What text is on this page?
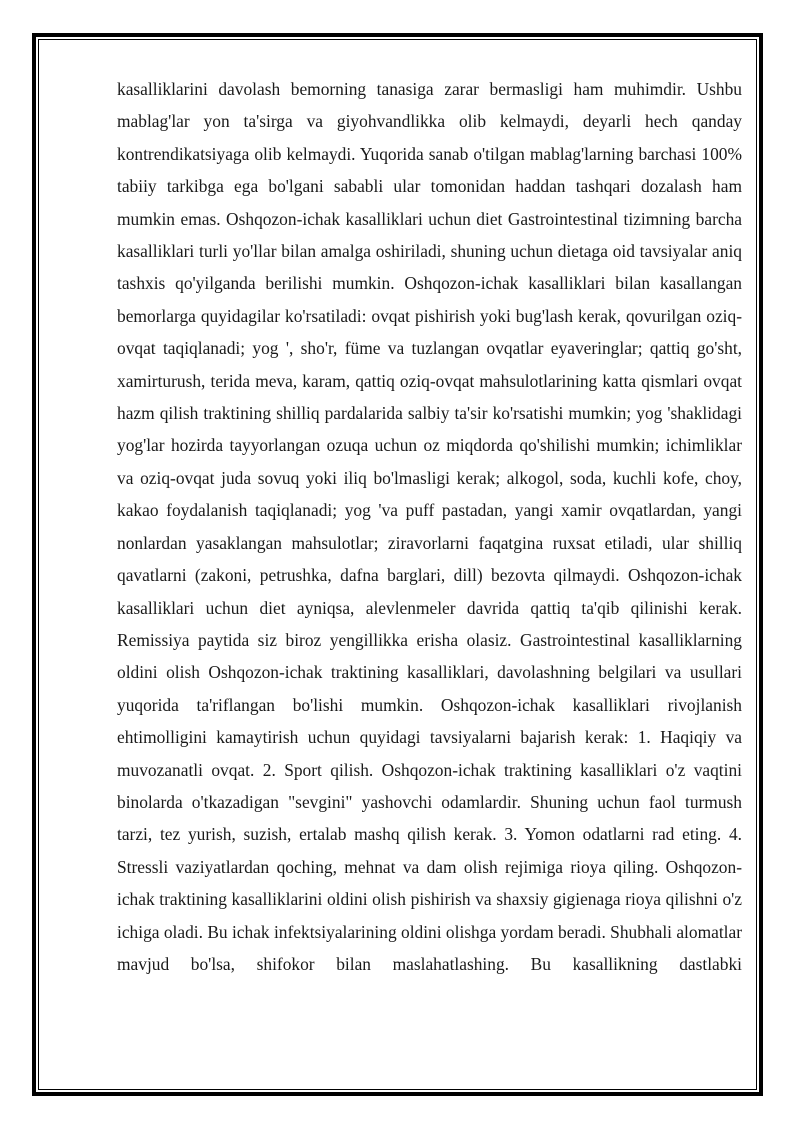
kasalliklarini davolash bemorning tanasiga zarar bermasligi ham muhimdir. Ushbu mablag'lar yon ta'sirga va giyohvandlikka olib kelmaydi, deyarli hech qanday kontrendikatsiyaga olib kelmaydi. Yuqorida sanab o'tilgan mablag'larning barchasi 100% tabiiy tarkibga ega bo'lgani sababli ular tomonidan haddan tashqari dozalash ham mumkin emas. Oshqozon-ichak kasalliklari uchun diet Gastrointestinal tizimning barcha kasalliklari turli yo'llar bilan amalga oshiriladi, shuning uchun dietaga oid tavsiyalar aniq tashxis qo'yilganda berilishi mumkin. Oshqozon-ichak kasalliklari bilan kasallangan bemorlarga quyidagilar ko'rsatiladi: ovqat pishirish yoki bug'lash kerak, qovurilgan oziq-ovqat taqiqlanadi; yog ', sho'r, füme va tuzlangan ovqatlar eyaveringlar; qattiq go'sht, xamirturush, terida meva, karam, qattiq oziq-ovqat mahsulotlarining katta qismlari ovqat hazm qilish traktining shilliq pardalarida salbiy ta'sir ko'rsatishi mumkin; yog 'shaklidagi yog'lar hozirda tayyorlangan ozuqa uchun oz miqdorda qo'shilishi mumkin; ichimliklar va oziq-ovqat juda sovuq yoki iliq bo'lmasligi kerak; alkogol, soda, kuchli kofe, choy, kakao foydalanish taqiqlanadi; yog 'va puff pastadan, yangi xamir ovqatlardan, yangi nonlardan yasaklangan mahsulotlar; ziravorlarni faqatgina ruxsat etiladi, ular shilliq qavatlarni (zakoni, petrushka, dafna barglari, dill) bezovta qilmaydi. Oshqozon-ichak kasalliklari uchun diet ayniqsa, alevlenmeler davrida qattiq ta'qib qilinishi kerak. Remissiya paytida siz biroz yengillikka erisha olasiz. Gastrointestinal kasalliklarning oldini olish Oshqozon-ichak traktining kasalliklari, davolashning belgilari va usullari yuqorida ta'riflangan bo'lishi mumkin. Oshqozon-ichak kasalliklari rivojlanish ehtimolligini kamaytirish uchun quyidagi tavsiyalarni bajarish kerak: 1. Haqiqiy va muvozanatli ovqat. 2. Sport qilish. Oshqozon-ichak traktining kasalliklari o'z vaqtini binolarda o'tkazadigan "sevgini" yashovchi odamlardir. Shuning uchun faol turmush tarzi, tez yurish, suzish, ertalab mashq qilish kerak. 3. Yomon odatlarni rad eting. 4. Stressli vaziyatlardan qoching, mehnat va dam olish rejimiga rioya qiling. Oshqozon-ichak traktining kasalliklarini oldini olish pishirish va shaxsiy gigienaga rioya qilishni o'z ichiga oladi. Bu ichak infektsiyalarining oldini olishga yordam beradi. Shubhali alomatlar mavjud bo'lsa, shifokor bilan maslahatlashing. Bu kasallikning dastlabki
